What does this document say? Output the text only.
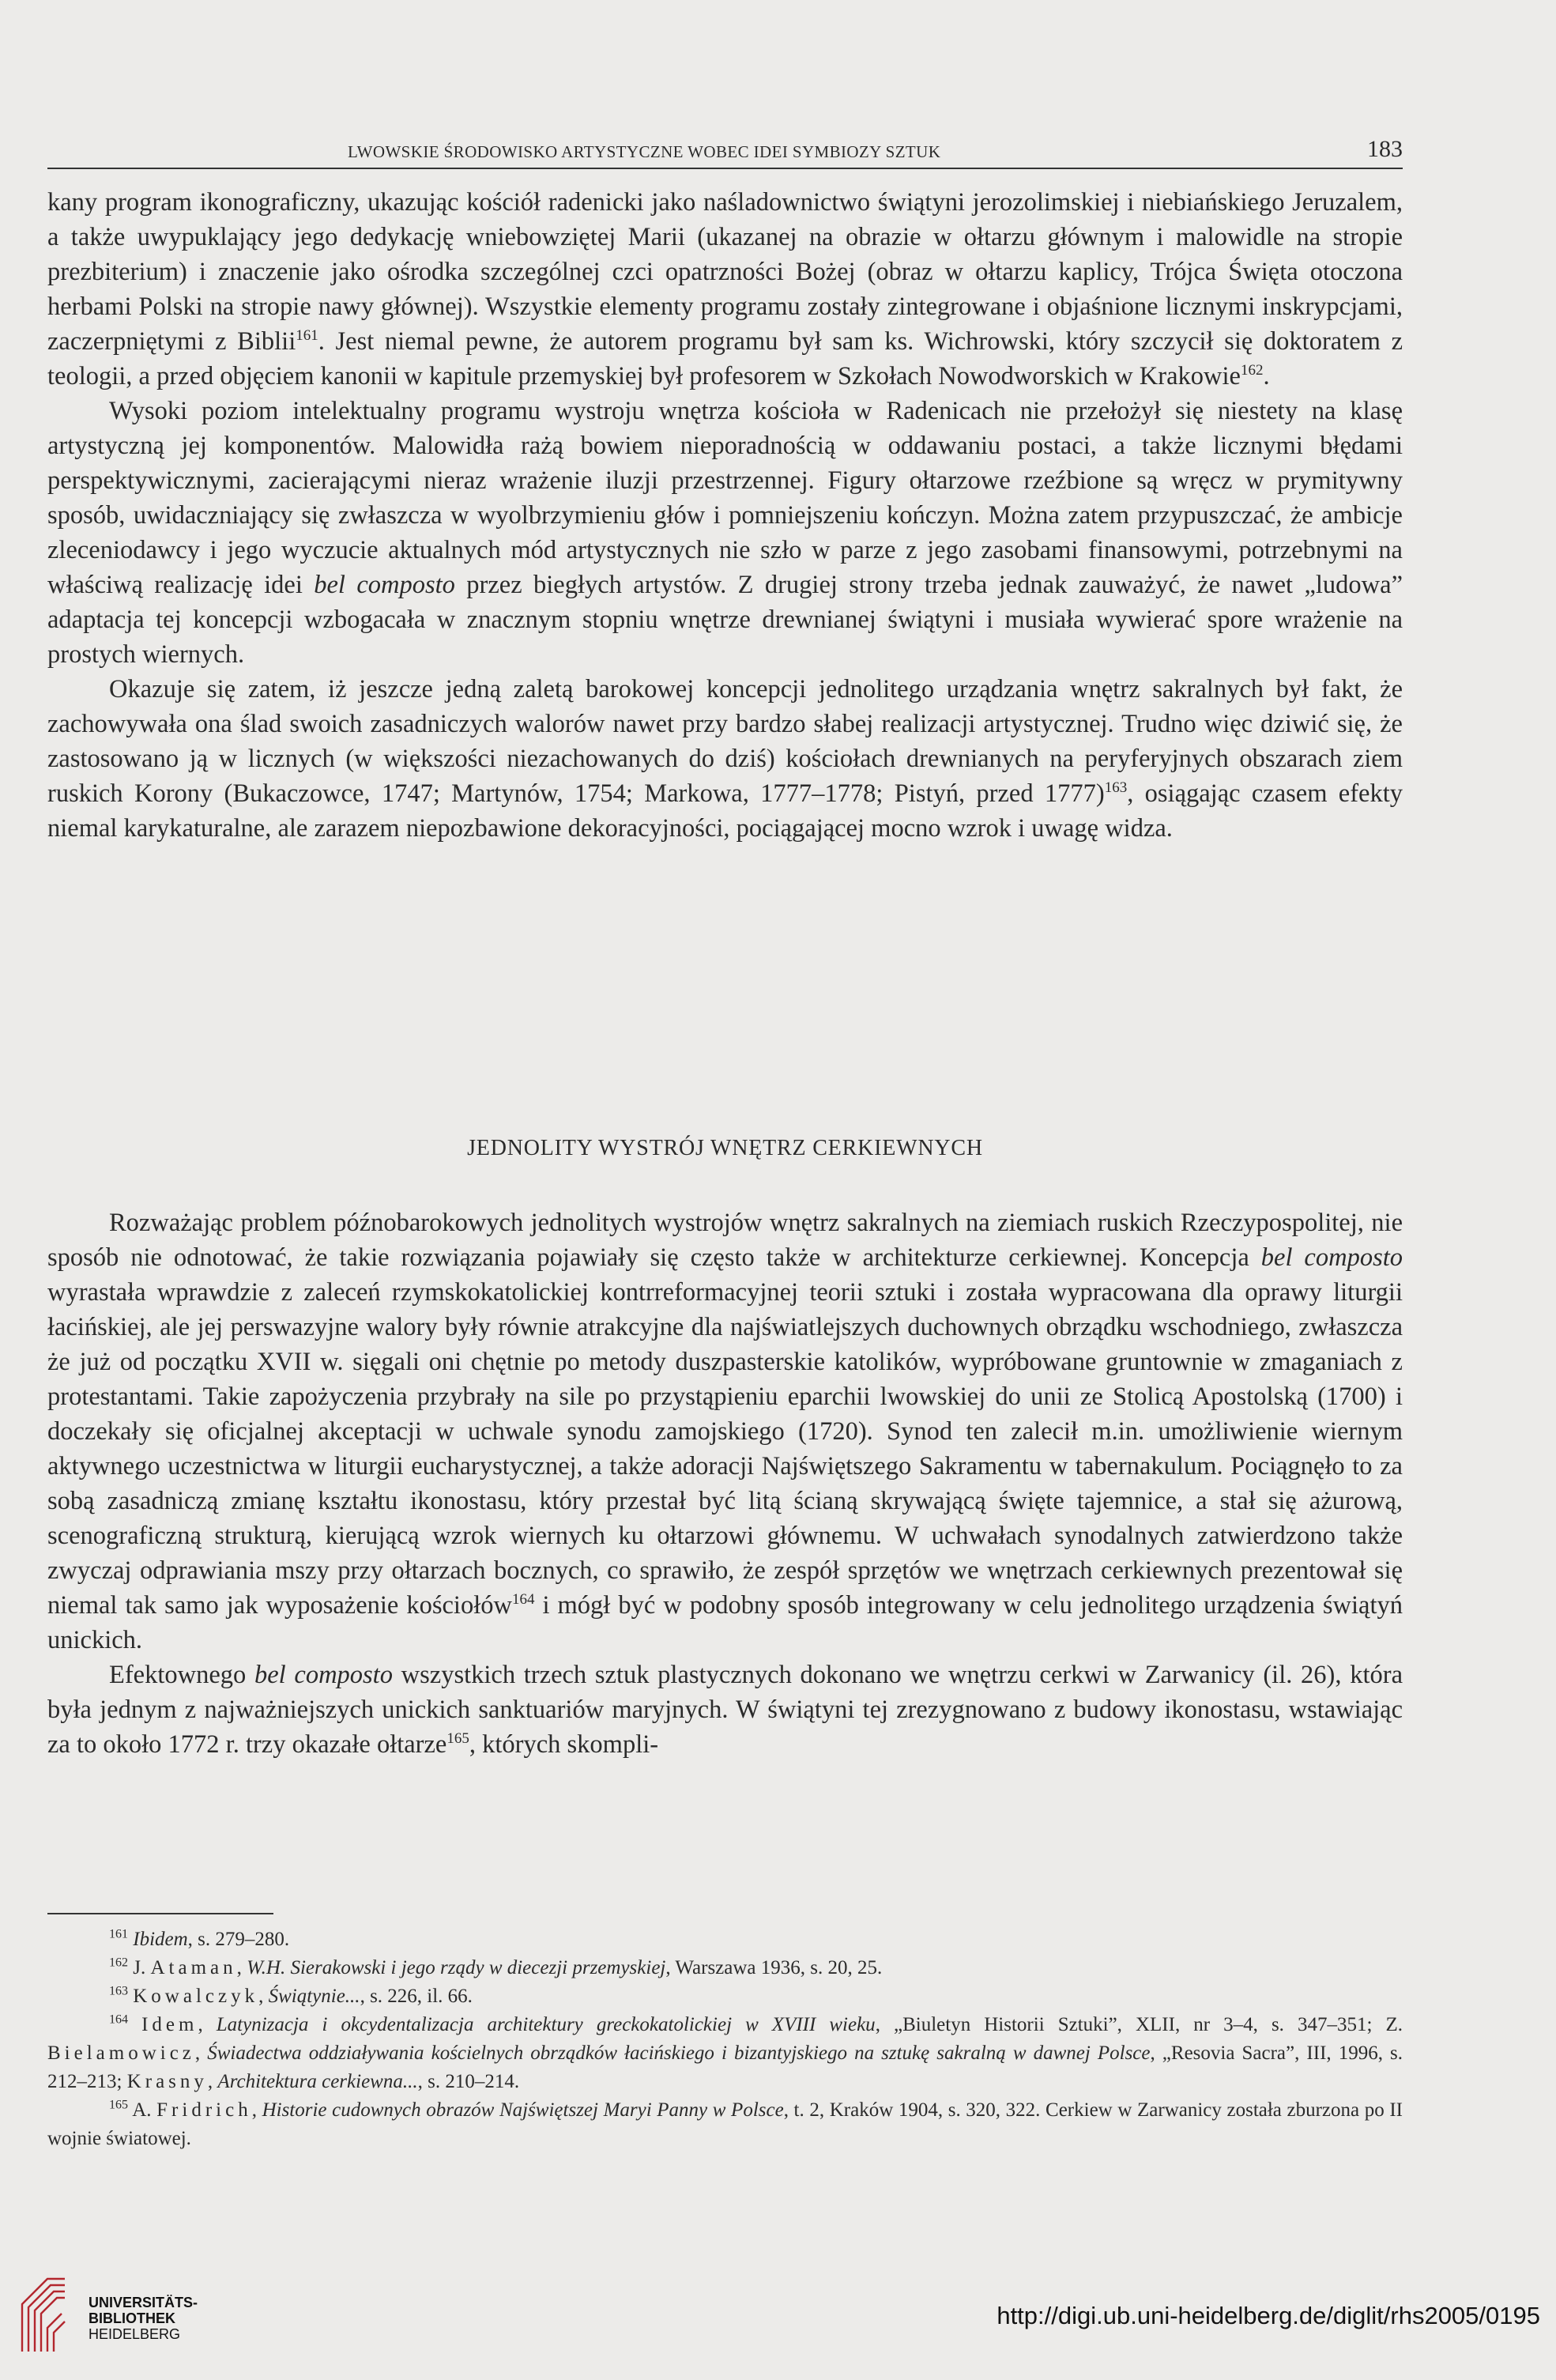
LWOWSKIE ŚRODOWISKO ARTYSTYCZNE WOBEC IDEI SYMBIOZY SZTUK	183

kany program ikonograficzny, ukazując kościół radenicki jako naśladownictwo świątyni jerozolimskiej i niebiańskiego Jeruzalem, a także uwypuklający jego dedykację wniebowziętej Marii (ukazanej na obrazie w ołtarzu głównym i malowidle na stropie prezbiterium) i znaczenie jako ośrodka szczególnej czci opatrzności Bożej (obraz w ołtarzu kaplicy, Trójca Święta otoczona herbami Polski na stropie nawy głównej). Wszystkie elementy programu zostały zintegrowane i objaśnione licznymi inskrypcjami, zaczerpniętymi z Biblii$^{161}$. Jest niemal pewne, że autorem programu był sam ks. Wichrowski, który szczycił się doktoratem z teologii, a przed objęciem kanonii w kapitule przemyskiej był profesorem w Szkołach Nowodworskich w Krakowie$^{162}$.

Wysoki poziom intelektualny programu wystroju wnętrza kościoła w Radenicach nie przełożył się niestety na klasę artystyczną jej komponentów. Malowidła rażą bowiem nieporadnością w oddawaniu postaci, a także licznymi błędami perspektywicznymi, zacierającymi nieraz wrażenie iluzji przestrzennej. Figury ołtarzowe rzeźbione są wręcz w prymitywny sposób, uwidaczniający się zwłaszcza w wyolbrzymieniu głów i pomniejszeniu kończyn. Można zatem przypuszczać, że ambicje zleceniodawcy i jego wyczucie aktualnych mód artystycznych nie szło w parze z jego zasobami finansowymi, potrzebnymi na właściwą realizację idei bel composto przez biegłych artystów. Z drugiej strony trzeba jednak zauważyć, że nawet „ludowa” adaptacja tej koncepcji wzbogacała w znacznym stopniu wnętrze drewnianej świątyni i musiała wywierać spore wrażenie na prostych wiernych.

Okazuje się zatem, iż jeszcze jedną zaletą barokowej koncepcji jednolitego urządzania wnętrz sakralnych był fakt, że zachowywała ona ślad swoich zasadniczych walorów nawet przy bardzo słabej realizacji artystycznej. Trudno więc dziwić się, że zastosowano ją w licznych (w większości niezachowanych do dziś) kościołach drewnianych na peryferyjnych obszarach ziem ruskich Korony (Bukaczowce, 1747; Martynów, 1754; Markowa, 1777–1778; Pistyń, przed 1777)$^{163}$, osiągając czasem efekty niemal karykaturalne, ale zarazem niepozbawione dekoracyjności, pociągającej mocno wzrok i uwagę widza.

JEDNOLITY WYSTRÓJ WNĘTRZ CERKIEWNYCH

Rozważając problem późnobarokowych jednolitych wystrojów wnętrz sakralnych na ziemiach ruskich Rzeczypospolitej, nie sposób nie odnotować, że takie rozwiązania pojawiały się często także w architekturze cerkiewnej. Koncepcja bel composto wyrastała wprawdzie z zaleceń rzymskokatolickiej kontrreformacyjnej teorii sztuki i została wypracowana dla oprawy liturgii łacińskiej, ale jej perswazyjne walory były równie atrakcyjne dla najświatlejszych duchownych obrządku wschodniego, zwłaszcza że już od początku XVII w. sięgali oni chętnie po metody duszpasterskie katolików, wypróbowane gruntownie w zmaganiach z protestantami. Takie zapożyczenia przybrały na sile po przystąpieniu eparchii lwowskiej do unii ze Stolicą Apostolską (1700) i doczekały się oficjalnej akceptacji w uchwale synodu zamojskiego (1720). Synod ten zalecił m.in. umożliwienie wiernym aktywnego uczestnictwa w liturgii eucharystycznej, a także adoracji Najświętszego Sakramentu w tabernakulum. Pociągnęło to za sobą zasadniczą zmianę kształtu ikonostasu, który przestał być litą ścianą skrywającą święte tajemnice, a stał się ażurową, scenograficzną strukturą, kierującą wzrok wiernych ku ołtarzowi głównemu. W uchwałach synodalnych zatwierdzono także zwyczaj odprawiania mszy przy ołtarzach bocznych, co sprawiło, że zespół sprzętów we wnętrzach cerkiewnych prezentował się niemal tak samo jak wyposażenie kościołów$^{164}$ i mógł być w podobny sposób integrowany w celu jednolitego urządzenia świątyń unickich.

Efektownego bel composto wszystkich trzech sztuk plastycznych dokonano we wnętrzu cerkwi w Zarwanicy (il. 26), która była jednym z najważniejszych unickich sanktuariów maryjnych. W świątyni tej zrezygnowano z budowy ikonostasu, wstawiając za to około 1772 r. trzy okazałe ołtarze$^{165}$, których skompli-

$^{161}$ Ibidem, s. 279–280.

$^{162}$ J. Ataman, W.H. Sierakowski i jego rządy w diecezji przemyskiej, Warszawa 1936, s. 20, 25.

$^{163}$ Kowalczyk, Świątynie..., s. 226, il. 66.

$^{164}$ Idem, Latynizacja i okcydentalizacja architektury greckokatolickiej w XVIII wieku, „Biuletyn Historii Sztuki”, XLII, nr 3–4, s. 347–351; Z. Bielamowicz, Świadectwa oddziaływania kościelnych obrządków łacińskiego i bizantyjskiego na sztukę sakralną w dawnej Polsce, „Resovia Sacra”, III, 1996, s. 212–213; Krasny, Architektura cerkiewna..., s. 210–214.

$^{165}$ A. Fridrich, Historie cudownych obrazów Najświętszej Maryi Panny w Polsce, t. 2, Kraków 1904, s. 320, 322. Cerkiew w Zarwanicy została zburzona po II wojnie światowej.

UNIVERSITÄTS-
BIBLIOTHEK
HEIDELBERG
http://digi.ub.uni-heidelberg.de/diglit/rhs2005/0195
